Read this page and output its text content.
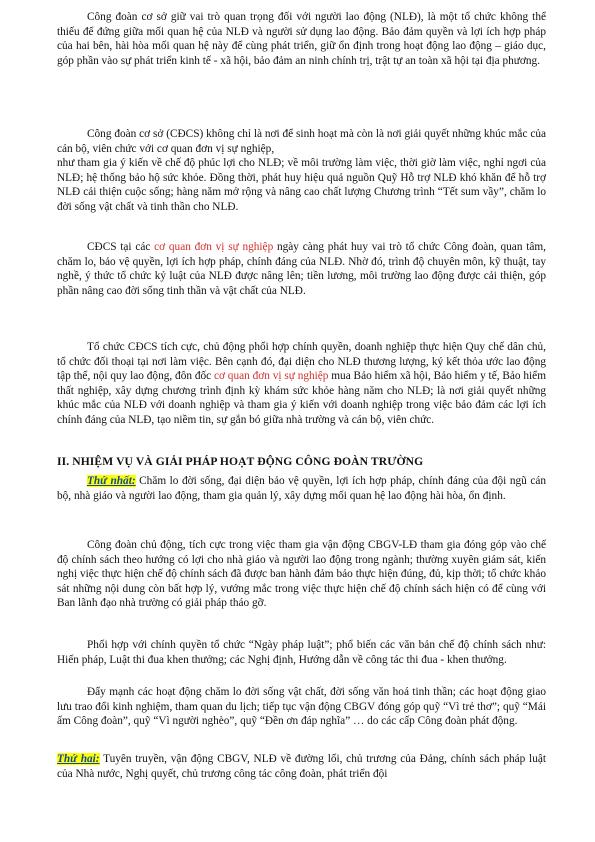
Công đoàn cơ sở giữ vai trò quan trọng đối với người lao động (NLĐ), là một tổ chức không thể thiếu để đứng giữa mối quan hệ của NLĐ và người sử dụng lao động. Bảo đảm quyền và lợi ích hợp pháp của hai bên, hài hòa mối quan hệ này để cùng phát triển, giữ ổn định trong hoạt động lao động – giáo dục, góp phần vào sự phát triển kinh tế - xã hội, bảo đảm an ninh chính trị, trật tự an toàn xã hội tại địa phương.

Công đoàn cơ sở (CĐCS) không chỉ là nơi để sinh hoạt mà còn là nơi giải quyết những khúc mắc của cán bộ, viên chức với cơ quan đơn vị sự nghiệp,

như tham gia ý kiến về chế độ phúc lợi cho NLĐ; về môi trường làm việc, thời giờ làm việc, nghỉ ngơi của NLĐ; hệ thống bảo hộ sức khỏe. Đồng thời, phát huy hiệu quả nguồn Quỹ Hỗ trợ NLĐ khó khăn để hỗ trợ NLĐ cải thiện cuộc sống; hàng năm mở rộng và nâng cao chất lượng Chương trình “Tết sum vầy”, chăm lo đời sống vật chất và tinh thần cho NLĐ.

CĐCS tại các cơ quan đơn vị sự nghiệp ngày càng phát huy vai trò tổ chức Công đoàn, quan tâm, chăm lo, bảo vệ quyền, lợi ích hợp pháp, chính đáng của NLĐ. Nhờ đó, trình độ chuyên môn, kỹ thuật, tay nghề, ý thức tổ chức kỷ luật của NLĐ được nâng lên; tiền lương, môi trường lao động được cải thiện, góp phần nâng cao đời sống tinh thần và vật chất của NLĐ.

Tổ chức CĐCS tích cực, chủ động phối hợp chính quyền, doanh nghiệp thực hiện Quy chế dân chủ, tổ chức đối thoại tại nơi làm việc. Bên cạnh đó, đại diện cho NLĐ thương lượng, ký kết thỏa ước lao động tập thể, nội quy lao động, đôn đốc cơ quan đơn vị sự nghiệp mua Bảo hiểm xã hội, Bảo hiểm y tế, Bảo hiểm thất nghiệp, xây dựng chương trình định kỳ khám sức khỏe hàng năm cho NLĐ; là nơi giải quyết những khúc mắc của NLĐ với doanh nghiệp và tham gia ý kiến với doanh nghiệp trong việc bảo đảm các lợi ích chính đáng của NLĐ, tạo niềm tin, sự gắn bó giữa nhà trường và cán bộ, viên chức.

II. NHIỆM VỤ VÀ GIẢI PHÁP HOẠT ĐỘNG CÔNG ĐOÀN TRƯỜNG

Thứ nhất: Chăm lo đời sống, đại diện bảo vệ quyền, lợi ích hợp pháp, chính đáng của đội ngũ cán bộ, nhà giáo và người lao động, tham gia quản lý, xây dựng mối quan hệ lao động hài hòa, ổn định.

Công đoàn chủ động, tích cực trong việc tham gia vận động CBGV-LĐ tham gia đóng góp vào chế độ chính sách theo hướng có lợi cho nhà giáo và người lao động trong ngành; thường xuyên giám sát, kiến nghị việc thực hiện chế độ chính sách đã được ban hành đảm bảo thực hiện đúng, đủ, kịp thời; tổ chức khảo sát những nội dung còn bất hợp lý, vướng mắc trong việc thực hiện chế độ chính sách hiện có để cùng với Ban lãnh đạo nhà trường có giải pháp tháo gỡ.

Phối hợp với chính quyền tổ chức “Ngày pháp luật”; phổ biến các văn bản chế độ chính sách như: Hiến pháp, Luật thi đua khen thưởng; các Nghị định, Hướng dẫn về công tác thi đua - khen thưởng.

Đẩy mạnh các hoạt động chăm lo đời sống vật chất, đời sống văn hoá tinh thần; các hoạt động giao lưu trao đổi kinh nghiệm, tham quan du lịch; tiếp tục vận động CBGV đóng góp quỹ “Vì trẻ thơ”; quỹ “Mái ấm Công đoàn”, quỹ “Vì người nghèo”, quỹ “Đền ơn đáp nghĩa” … do các cấp Công đoàn phát động.

Thứ hai: Tuyên truyền, vận động CBGV, NLĐ về đường lối, chủ trương của Đảng, chính sách pháp luật của Nhà nước, Nghị quyết, chủ trương công tác công đoàn, phát triển đội
